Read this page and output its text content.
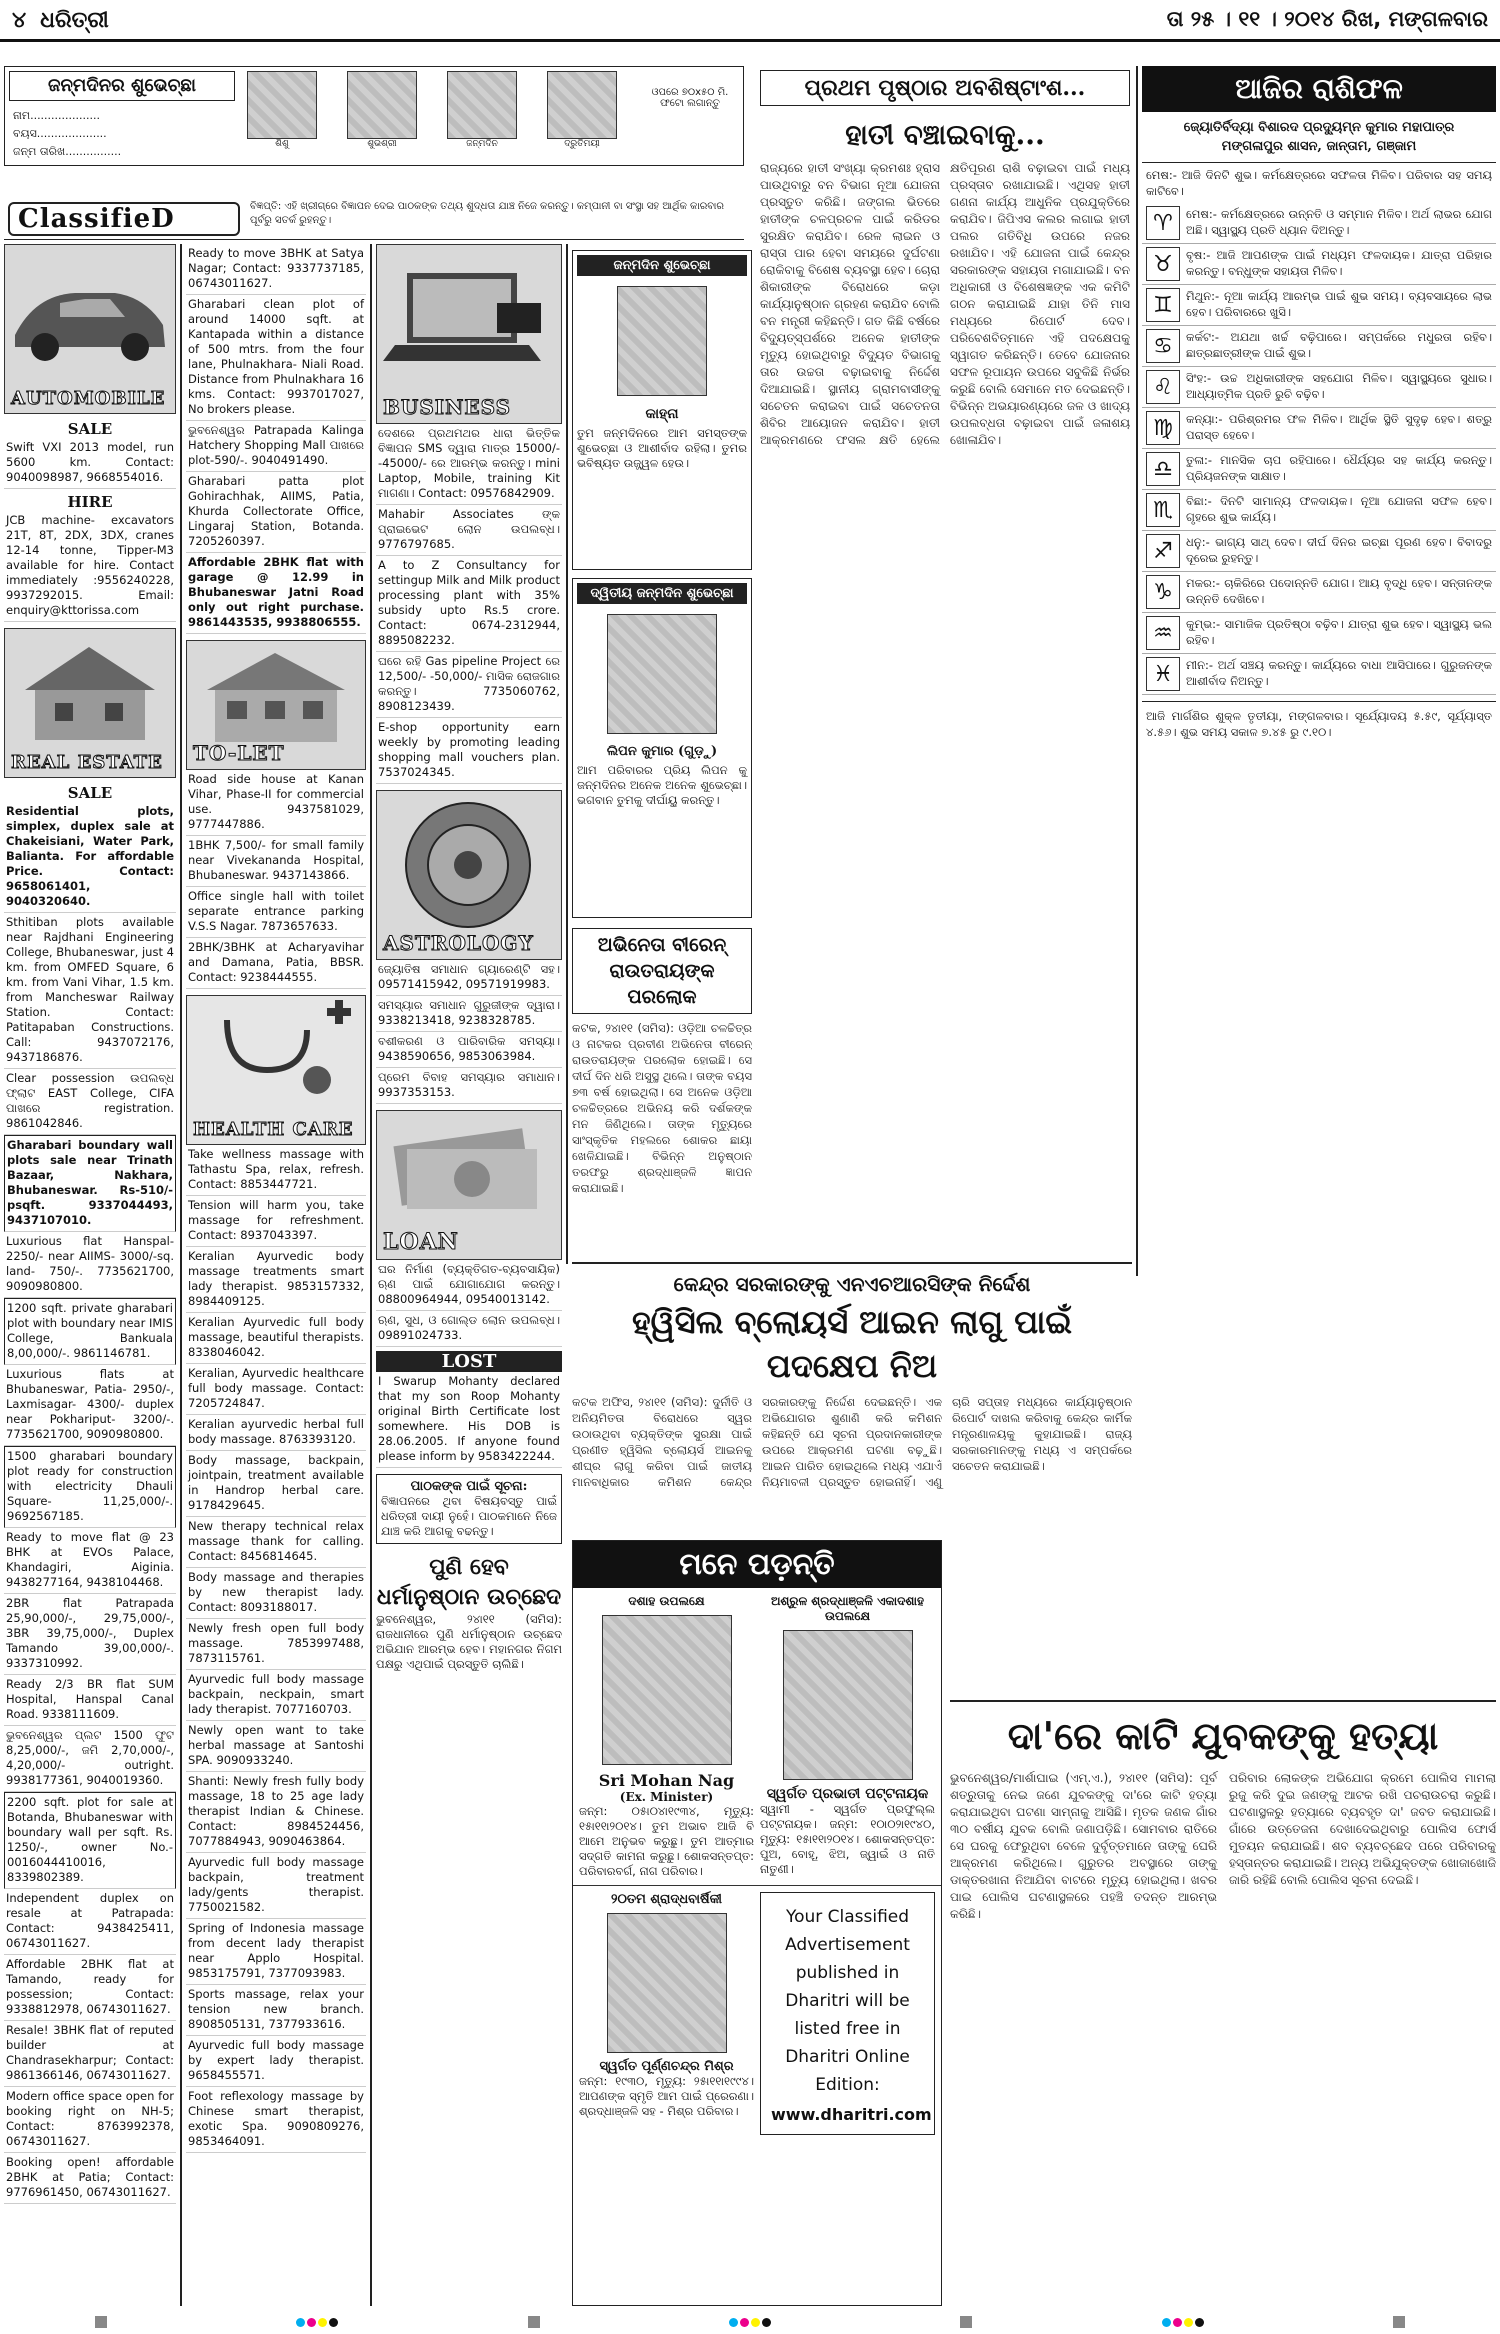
୪ ଧରିତ୍ରୀ	ତା ୨୫ । ୧୧ । ୨୦୧୪ ରିଖ, ମଙ୍ଗଳବାର
ଜନ୍ମଦିନର ଶୁଭେଚ୍ଛା
ନାମ....................
ବୟସ....................
ଜନ୍ମ ତାରିଖ................
ଶିଶୁ	ଶୁଭଶ୍ରୀ	ଜନ୍ମଦିନ	ଦ୍ରୁତିମୟୀ
ଓପରେ ୭୦x୫୦ ମି. ଫଟୋ ଲଗାନ୍ତୁ
ClassifieD	ବିଜ୍ଞପ୍ତି: ଏହି ଖ୍ରୀଗ୍ରେ ବିଜ୍ଞାପନ ଦେଇ ପାଠକଙ୍କ ତଥ୍ୟ ଶୁଦ୍ଧତା ଯାଞ୍ଚ ନିଜେ କରନ୍ତୁ। କମ୍ପାନୀ ବା ସଂସ୍ଥା ସହ ଆର୍ଥିକ କାରବାର ପୂର୍ବରୁ ସତର୍କ ରୁହନ୍ତୁ।
AUTOMOBILE
SALE
Swift VXI 2013 model, run 5600 km. Contact: 9040098987, 9668554016.
HIRE
JCB machine- excavators 21T, 8T, 2DX, 3DX, cranes 12-14 tonne, Tipper-M3 available for hire. Contact immediately :9556240228, 9937292015. Email: enquiry@kttorissa.com
REAL ESTATE
SALE
Residential plots, simplex, duplex sale at Chakeisiani, Water Park, Balianta. For affordable Price. Contact: 9658061401, 9040320640.
Sthitiban plots available near Rajdhani Engineering College, Bhubaneswar, just 4 km. from OMFED Square, 6 km. from Vani Vihar, 1.5 km. from Mancheswar Railway Station. Contact: Patitapaban Constructions. Call: 9437072176, 9437186876.
Clear possession ଉପଲବ୍ଧ ଫ୍ଲାଟ EAST College, CIFA ପାଖରେ registration. 9861042846.
Gharabari boundary wall plots sale near Trinath Bazaar, Nakhara, Bhubaneswar. Rs-510/- psqft. 9337044493, 9437107010.
Luxurious flat Hanspal-2250/- near AIIMS- 3000/-sq. land- 750/-. 7735621700, 9090980800.
1200 sqft. private gharabari plot with boundary near IMIS College, Bankuala 8,00,000/-. 9861146781.
Luxurious flats at Bhubaneswar, Patia- 2950/-, Laxmisagar- 4300/- duplex near Pokhariput- 3200/-. 7735621700, 9090980800.
1500 gharabari boundary plot ready for construction with electricity Dhauli Square- 11,25,000/-. 9692567185.
Ready to move flat @ 23 BHK at EVOs Palace, Khandagiri, Aiginia. 9438277164, 9438104468.
2BR flat Patrapada 25,90,000/-, 29,75,000/-, 3BR 39,75,000/-, Duplex Tamando 39,00,000/-. 9337310992.
Ready 2/3 BR flat SUM Hospital, Hanspal Canal Road. 9338111609.
ଭୁବନେଶ୍ୱର ପ୍ଲଟ 1500 ଫୁଟ 8,25,000/-, ଜମି 2,70,000/-, 4,20,000/- outright. 9938177361, 9040019360.
2200 sqft. plot for sale at Botanda, Bhubaneswar with boundary wall per sqft. Rs. 1250/-, owner No.- 0016044410016, 8339802389.
Independent duplex on resale at Patrapada: Contact: 9438425411, 06743011627.
Affordable 2BHK flat at Tamando, ready for possession; Contact: 9338812978, 06743011627.
Resale! 3BHK flat of reputed builder at Chandrasekharpur; Contact: 9861366146, 06743011627.
Modern office space open for booking right on NH-5; Contact: 8763992378, 06743011627.
Booking open! affordable 2BHK at Patia; Contact: 9776961450, 06743011627.
Ready to move 3BHK at Satya Nagar; Contact: 9337737185, 06743011627.
Gharabari clean plot of around 14000 sqft. at Kantapada within a distance of 500 mtrs. from the four lane, Phulnakhara- Niali Road. Distance from Phulnakhara 16 kms. Contact: 9937017027, No brokers please.
ଭୁବନେଶ୍ୱର Patrapada Kalinga Hatchery Shopping Mall ପାଖରେ plot-590/-. 9040491490.
Gharabari patta plot Gohirachhak, AIIMS, Patia, Khurda Collectorate Office, Lingaraj Station, Botanda. 7205260397.
Affordable 2BHK flat with garage @ 12.99 in Bhubaneswar Jatni Road only out right purchase. 9861443535, 9938806555.
TO-LET
Road side house at Kanan Vihar, Phase-II for commercial use. 9437581029, 9777447886.
1BHK 7,500/- for small family near Vivekananda Hospital, Bhubaneswar. 9437143866.
Office single hall with toilet separate entrance parking V.S.S Nagar. 7873657633.
2BHK/3BHK at Acharyavihar and Damana, Patia, BBSR. Contact: 9238444555.
HEALTH CARE
Take wellness massage with Tathastu Spa, relax, refresh. Contact: 8853447721.
Tension will harm you, take massage for refreshment. Contact: 8937043397.
Keralian Ayurvedic body massage treatments smart lady therapist. 9853157332, 8984409125.
Keralian Ayurvedic full body massage, beautiful therapists. 8338046042.
Keralian, Ayurvedic healthcare full body massage. Contact: 7205724847.
Keralian ayurvedic herbal full body massage. 8763393120.
Body massage, backpain, jointpain, treatment available in Handrop herbal care. 9178429645.
New therapy technical relax massage thank for calling. Contact: 8456814645.
Body massage and therapies by new therapist lady. Contact: 8093188017.
Newly fresh open full body massage. 7853997488, 7873115761.
Ayurvedic full body massage backpain, neckpain, smart lady therapist. 7077160703.
Newly open want to take herbal massage at Santoshi SPA. 9090933240.
Shanti: Newly fresh fully body massage, 18 to 25 age lady therapist Indian & Chinese. Contact: 8984524456, 7077884943, 9090463864.
Ayurvedic full body massage backpain, treatment lady/gents therapist. 7750021582.
Spring of Indonesia massage from decent lady therapist near Applo Hospital. 9853175791, 7377093983.
Sports massage, relax your tension new branch. 8908505131, 7377933616.
Ayurvedic full body massage by expert lady therapist. 9658455571.
Foot reflexology massage by Chinese smart therapist, exotic Spa. 9090809276, 9853464091.
BUSINESS
ଦେଶରେ ପ୍ରଥମଥର ଧାରା ଭିତ୍ତିକ ବିଜ୍ଞାପନ SMS ଦ୍ୱାରା ମାତ୍ର 15000/- -45000/- ରେ ଆରମ୍ଭ କରନ୍ତୁ। mini Laptop, Mobile, training Kit ମାଗଣା। Contact: 09576842909.
Mahabir Associates ଙ୍କ ପ୍ରାଇଭେଟ ଲୋନ ଉପଲବ୍ଧ। 9776797685.
A to Z Consultancy for settingup Milk and Milk product processing plant with 35% subsidy upto Rs.5 crore. Contact: 0674-2312944, 8895082232.
ଘରେ ରହି Gas pipeline Project ରେ 12,500/- -50,000/- ମାସିକ ରୋଜଗାର କରନ୍ତୁ। 7735060762, 8908123439.
E-shop opportunity earn weekly by promoting leading shopping mall vouchers plan. 7537024345.
ASTROLOGY
ଜ୍ୟୋତିଷ ସମାଧାନ ଗ୍ୟାରେଣ୍ଟି ସହ। 09571415942, 09571919983.
ସମସ୍ୟାର ସମାଧାନ ଗୁରୁଜୀଙ୍କ ଦ୍ୱାରା। 9338213418, 9238328785.
ବଶୀକରଣ ଓ ପାରିବାରିକ ସମସ୍ୟା। 9438590656, 9853063984.
ପ୍ରେମ ବିବାହ ସମସ୍ୟାର ସମାଧାନ। 9937353153.
LOAN
ଘର ନିର୍ମାଣ (ବ୍ୟକ୍ତିଗତ-ବ୍ୟବସାୟିକ) ଋଣ ପାଇଁ ଯୋଗାଯୋଗ କରନ୍ତୁ। 08800964944, 09540013142.
ଋଣ, ସୁଧ, ଓ ଗୋଲ୍ଡ ଲୋନ ଉପଲବ୍ଧ। 09891024733.
LOST
I Swarup Mohanty declared that my son Roop Mohanty original Birth Certificate lost somewhere. His DOB is 28.06.2005. If anyone found please inform by 9583422244.
ପାଠକଙ୍କ ପାଇଁ ସୂଚନା:
ବିଜ୍ଞାପନରେ ଥିବା ବିଷୟବସ୍ତୁ ପାଇଁ ଧରିତ୍ରୀ ଦାୟୀ ନୁହେଁ। ପାଠକମାନେ ନିଜେ ଯାଞ୍ଚ କରି ଆଗକୁ ବଢନ୍ତୁ।
ପୁଣି ହେବ ଧର୍ମାନୁଷ୍ଠାନ ଉଚ୍ଛେଦ
ଭୁବନେଶ୍ୱର, ୨୪ା୧୧ (ସମିସ): ରାଜଧାନୀରେ ପୁଣି ଧର୍ମାନୁଷ୍ଠାନ ଉଚ୍ଛେଦ ଅଭିଯାନ ଆରମ୍ଭ ହେବ। ମହାନଗର ନିଗମ ପକ୍ଷରୁ ଏଥିପାଇଁ ପ୍ରସ୍ତୁତି ଚାଲିଛି।
ଜନ୍ମଦିନ ଶୁଭେଚ୍ଛା
କାହ୍ନା
ତୁମ ଜନ୍ମଦିନରେ ଆମ ସମସ୍ତଙ୍କ ଶୁଭେଚ୍ଛା ଓ ଆଶୀର୍ବାଦ ରହିଲା। ତୁମର ଭବିଷ୍ୟତ ଉଜ୍ଜ୍ୱଳ ହେଉ।
ଦ୍ୱିତୀୟ ଜନ୍ମଦିନ ଶୁଭେଚ୍ଛା
ଲିପନ କୁମାର (ଗୁଡ଼ୁ)
ଆମ ପରିବାରର ପ୍ରିୟ ଲିପନ କୁ ଜନ୍ମଦିନର ଅନେକ ଅନେକ ଶୁଭେଚ୍ଛା। ଭଗବାନ ତୁମକୁ ଦୀର୍ଘାୟୁ କରନ୍ତୁ।
ଅଭିନେତା ବୀରେନ୍ ରାଉତରାୟଙ୍କ ପରଲୋକ
କଟକ, ୨୪ା୧୧ (ସମିସ): ଓଡ଼ିଆ ଚଳଚ୍ଚିତ୍ର ଓ ନାଟକର ପ୍ରବୀଣ ଅଭିନେତା ବୀରେନ୍ ରାଉତରାୟଙ୍କ ପରଲୋକ ହୋଇଛି। ସେ ଦୀର୍ଘ ଦିନ ଧରି ଅସୁସ୍ଥ ଥିଲେ। ତାଙ୍କ ବୟସ ୭୩ ବର୍ଷ ହୋଇଥିଲା। ସେ ଅନେକ ଓଡ଼ିଆ ଚଳଚ୍ଚିତ୍ରରେ ଅଭିନୟ କରି ଦର୍ଶକଙ୍କ ମନ ଜିଣିଥିଲେ। ତାଙ୍କ ମୃତ୍ୟୁରେ ସାଂସ୍କୃତିକ ମହଲରେ ଶୋକର ଛାୟା ଖେଳିଯାଇଛି। ବିଭିନ୍ନ ଅନୁଷ୍ଠାନ ତରଫରୁ ଶ୍ରଦ୍ଧାଞ୍ଜଳି ଜ୍ଞାପନ କରାଯାଇଛି।
ପ୍ରଥମ ପୃଷ୍ଠାର ଅବଶିଷ୍ଟାଂଶ...
ହାତୀ ବଞ୍ଚାଇବାକୁ...
ରାଜ୍ୟରେ ହାତୀ ସଂଖ୍ୟା କ୍ରମଶଃ ହ୍ରାସ ପାଉଥିବାରୁ ବନ ବିଭାଗ ନୂଆ ଯୋଜନା ପ୍ରସ୍ତୁତ କରିଛି। ଜଙ୍ଗଲ ଭିତରେ ହାତୀଙ୍କ ଚଳପ୍ରଚଳ ପାଇଁ କରିଡର ସୁରକ୍ଷିତ କରାଯିବ। ରେଳ ଲାଇନ ଓ ରାସ୍ତା ପାର ହେବା ସମୟରେ ଦୁର୍ଘଟଣା ରୋକିବାକୁ ବିଶେଷ ବ୍ୟବସ୍ଥା ହେବ। ଚୋରା ଶିକାରୀଙ୍କ ବିରୋଧରେ କଡ଼ା କାର୍ଯ୍ୟାନୁଷ୍ଠାନ ଗ୍ରହଣ କରାଯିବ ବୋଲି ବନ ମନ୍ତ୍ରୀ କହିଛନ୍ତି। ଗତ କିଛି ବର୍ଷରେ ବିଦ୍ୟୁତ୍‌ସ୍ପର୍ଶରେ ଅନେକ ହାତୀଙ୍କ ମୃତ୍ୟୁ ହୋଇଥିବାରୁ ବିଦ୍ୟୁତ ବିଭାଗକୁ ତାର ଉଚ୍ଚତା ବଢ଼ାଇବାକୁ ନିର୍ଦ୍ଦେଶ ଦିଆଯାଇଛି। ସ୍ଥାନୀୟ ଗ୍ରାମବାସୀଙ୍କୁ ସଚେତନ କରାଇବା ପାଇଁ ସଚେତନତା ଶିବିର ଆୟୋଜନ କରାଯିବ। ହାତୀ ଆକ୍ରମଣରେ ଫସଲ କ୍ଷତି ହେଲେ କ୍ଷତିପୂରଣ ରାଶି ବଢ଼ାଇବା ପାଇଁ ମଧ୍ୟ ପ୍ରସ୍ତାବ ରଖାଯାଇଛି। ଏଥିସହ ହାତୀ ଗଣନା କାର୍ଯ୍ୟ ଆଧୁନିକ ପ୍ରଯୁକ୍ତିରେ କରାଯିବ। ଜିପିଏସ କଲର ଲଗାଇ ହାତୀ ପଲର ଗତିବିଧି ଉପରେ ନଜର ରଖାଯିବ। ଏହି ଯୋଜନା ପାଇଁ କେନ୍ଦ୍ର ସରକାରଙ୍କ ସହାୟତା ମଗାଯାଇଛି। ବନ ଅଧିକାରୀ ଓ ବିଶେଷଜ୍ଞଙ୍କ ଏକ କମିଟି ଗଠନ କରାଯାଇଛି ଯାହା ତିନି ମାସ ମଧ୍ୟରେ ରିପୋର୍ଟ ଦେବ। ପରିବେଶବିତ୍‌ମାନେ ଏହି ପଦକ୍ଷେପକୁ ସ୍ୱାଗତ କରିଛନ୍ତି। ତେବେ ଯୋଜନାର ସଫଳ ରୂପାୟନ ଉପରେ ସବୁକିଛି ନିର୍ଭର କରୁଛି ବୋଲି ସେମାନେ ମତ ଦେଇଛନ୍ତି। ବିଭିନ୍ନ ଅଭୟାରଣ୍ୟରେ ଜଳ ଓ ଖାଦ୍ୟ ଉପଲବ୍ଧତା ବଢ଼ାଇବା ପାଇଁ ଜଳାଶୟ ଖୋଳାଯିବ।
ଆଜିର ରାଶିଫଳ
ଜ୍ୟୋତିର୍ବିଦ୍ୟା ବିଶାରଦ ପ୍ରଦ୍ୟୁମ୍ନ କୁମାର ମହାପାତ୍ର ମଙ୍ଗଳାପୁର ଶାସନ, ଜାନ୍ତାମ, ଗଞ୍ଜାମ
ମେଷ:- ଆଜି ଦିନଟି ଶୁଭ। କର୍ମକ୍ଷେତ୍ରରେ ସଫଳତା ମିଳିବ। ପରିବାର ସହ ସମୟ କାଟିବେ।
♈	ମେଷ:- କର୍ମକ୍ଷେତ୍ରରେ ଉନ୍ନତି ଓ ସମ୍ମାନ ମିଳିବ। ଅର୍ଥ ଲାଭର ଯୋଗ ଅଛି। ସ୍ୱାସ୍ଥ୍ୟ ପ୍ରତି ଧ୍ୟାନ ଦିଅନ୍ତୁ।
♉	ବୃଷ:- ଆଜି ଆପଣଙ୍କ ପାଇଁ ମଧ୍ୟମ ଫଳଦାୟକ। ଯାତ୍ରା ପରିହାର କରନ୍ତୁ। ବନ୍ଧୁଙ୍କ ସହାୟତା ମିଳିବ।
♊	ମିଥୁନ:- ନୂଆ କାର୍ଯ୍ୟ ଆରମ୍ଭ ପାଇଁ ଶୁଭ ସମୟ। ବ୍ୟବସାୟରେ ଲାଭ ହେବ। ପରିବାରରେ ଖୁସି।
♋	କର୍କଟ:- ଅଯଥା ଖର୍ଚ୍ଚ ବଢ଼ିପାରେ। ସମ୍ପର୍କରେ ମଧୁରତା ରହିବ। ଛାତ୍ରଛାତ୍ରୀଙ୍କ ପାଇଁ ଶୁଭ।
♌	ସିଂହ:- ଉଚ୍ଚ ଅଧିକାରୀଙ୍କ ସହଯୋଗ ମିଳିବ। ସ୍ୱାସ୍ଥ୍ୟରେ ସୁଧାର। ଆଧ୍ୟାତ୍ମିକ ପ୍ରତି ରୁଚି ବଢ଼ିବ।
♍	କନ୍ୟା:- ପରିଶ୍ରମର ଫଳ ମିଳିବ। ଆର୍ଥିକ ସ୍ଥିତି ସୁଦୃଢ଼ ହେବ। ଶତ୍ରୁ ପରାସ୍ତ ହେବେ।
♎	ତୁଳା:- ମାନସିକ ଚାପ ରହିପାରେ। ଧୈର୍ଯ୍ୟର ସହ କାର୍ଯ୍ୟ କରନ୍ତୁ। ପ୍ରିୟଜନଙ୍କ ସାକ୍ଷାତ।
♏	ବିଛା:- ଦିନଟି ସାମାନ୍ୟ ଫଳଦାୟକ। ନୂଆ ଯୋଜନା ସଫଳ ହେବ। ଗୃହରେ ଶୁଭ କାର୍ଯ୍ୟ।
♐	ଧନୁ:- ଭାଗ୍ୟ ସାଥ୍ ଦେବ। ଦୀର୍ଘ ଦିନର ଇଚ୍ଛା ପୂରଣ ହେବ। ବିବାଦରୁ ଦୂରେଇ ରୁହନ୍ତୁ।
♑	ମକର:- ଚାକିରିରେ ପଦୋନ୍ନତି ଯୋଗ। ଆୟ ବୃଦ୍ଧି ହେବ। ସନ୍ତାନଙ୍କ ଉନ୍ନତି ଦେଖିବେ।
♒	କୁମ୍ଭ:- ସାମାଜିକ ପ୍ରତିଷ୍ଠା ବଢ଼ିବ। ଯାତ୍ରା ଶୁଭ ହେବ। ସ୍ୱାସ୍ଥ୍ୟ ଭଲ ରହିବ।
♓	ମୀନ:- ଅର୍ଥ ସଞ୍ଚୟ କରନ୍ତୁ। କାର୍ଯ୍ୟରେ ବାଧା ଆସିପାରେ। ଗୁରୁଜନଙ୍କ ଆଶୀର୍ବାଦ ନିଅନ୍ତୁ।
ଆଜି ମାର୍ଗଶିର ଶୁକ୍ଳ ତୃତୀୟା, ମଙ୍ଗଳବାର। ସୂର୍ଯ୍ୟୋଦୟ ୫.୫୯, ସୂର୍ଯ୍ୟାସ୍ତ ୪.୫୬। ଶୁଭ ସମୟ ସକାଳ ୭.୪୫ ରୁ ୯.୧୦।
କେନ୍ଦ୍ର ସରକାରଙ୍କୁ ଏନଏଚଆରସିଙ୍କ ନିର୍ଦ୍ଦେଶ
ହ୍ୱିସିଲ ବ୍ଲୋୟର୍ସ ଆଇନ ଲାଗୁ ପାଇଁ ପଦକ୍ଷେପ ନିଅ
କଟକ ଅଫିସ, ୨୪ା୧୧ (ସମିସ): ଦୁର୍ନୀତି ଓ ଅନିୟମିତତା ବିରୋଧରେ ସ୍ୱର ଉଠାଉଥିବା ବ୍ୟକ୍ତିଙ୍କ ସୁରକ୍ଷା ପାଇଁ ପ୍ରଣୀତ ହ୍ୱିସିଲ ବ୍ଲୋୟର୍ସ ଆଇନକୁ ଶୀଘ୍ର ଲାଗୁ କରିବା ପାଇଁ ଜାତୀୟ ମାନବାଧିକାର କମିଶନ କେନ୍ଦ୍ର ସରକାରଙ୍କୁ ନିର୍ଦ୍ଦେଶ ଦେଇଛନ୍ତି। ଏକ ଅଭିଯୋଗର ଶୁଣାଣି କରି କମିଶନ କହିଛନ୍ତି ଯେ ସୂଚନା ପ୍ରଦାନକାରୀଙ୍କ ଉପରେ ଆକ୍ରମଣ ଘଟଣା ବଢ଼ୁଛି। ଆଇନ ପାରିତ ହୋଇଥିଲେ ମଧ୍ୟ ଏଯାଏଁ ନିୟମାବଳୀ ପ୍ରସ୍ତୁତ ହୋଇନାହିଁ। ଏଣୁ ଚାରି ସପ୍ତାହ ମଧ୍ୟରେ କାର୍ଯ୍ୟାନୁଷ୍ଠାନ ରିପୋର୍ଟ ଦାଖଲ କରିବାକୁ କେନ୍ଦ୍ର କାର୍ମିକ ମନ୍ତ୍ରଣାଳୟକୁ କୁହାଯାଇଛି। ରାଜ୍ୟ ସରକାରମାନଙ୍କୁ ମଧ୍ୟ ଏ ସମ୍ପର୍କରେ ସଚେତନ କରାଯାଇଛି।
ମନେ ପଡ଼ନ୍ତି
ଦଶାହ ଉପଲକ୍ଷେ
Sri Mohan Nag
(Ex. Minister)
ଜନ୍ମ: ୦୫ା୦୪ା୧୯୩୪, ମୃତ୍ୟୁ: ୧୫ା୧୧ା୨୦୧୪। ତୁମ ଅଭାବ ଆଜି ବି ଆମେ ଅନୁଭବ କରୁଛୁ। ତୁମ ଆତ୍ମାର ସଦ୍‌ଗତି କାମନା କରୁଛୁ। ଶୋକସନ୍ତପ୍ତ: ପରିବାରବର୍ଗ, ନାଗ ପରିବାର।
ଅଶ୍ରୁଳ ଶ୍ରଦ୍ଧାଞ୍ଜଳି ଏକାଦଶାହ ଉପଲକ୍ଷେ
ସ୍ୱର୍ଗତ ପ୍ରଭାତୀ ପଟ୍ଟନାୟକ
ସ୍ୱାମୀ - ସ୍ୱର୍ଗତ ପ୍ରଫୁଲ୍ଲ ପଟ୍ଟନାୟକ। ଜନ୍ମ: ୧୦ା୦୨ା୧୯୪୦, ମୃତ୍ୟୁ: ୧୫ା୧୧ା୨୦୧୪। ଶୋକସନ୍ତପ୍ତ: ପୁଅ, ବୋହୂ, ଝିଅ, ଜ୍ୱାଇଁ ଓ ନାତି ନାତୁଣୀ।
୨୦ତମ ଶ୍ରାଦ୍ଧବାର୍ଷିକୀ
ସ୍ୱର୍ଗତ ପୂର୍ଣ୍ଣଚନ୍ଦ୍ର ମିଶ୍ର
ଜନ୍ମ: ୧୯୩୦, ମୃତ୍ୟୁ: ୨୫ା୧୧ା୧୯୯୪। ଆପଣଙ୍କ ସ୍ମୃତି ଆମ ପାଇଁ ପ୍ରେରଣା। ଶ୍ରଦ୍ଧାଞ୍ଜଳି ସହ - ମିଶ୍ର ପରିବାର।
Your Classified Advertisement published in Dharitri will be listed free in Dharitri Online Edition:
www.dharitri.com
ଦା'ରେ କାଟି ଯୁବକଙ୍କୁ ହତ୍ୟା
ଭୁବନେଶ୍ୱର/ମାର୍ଶାଘାଇ (ଏମ୍.ଏ.), ୨୪ା୧୧ (ସମିସ): ପୂର୍ବ ଶତ୍ରୁତାକୁ ନେଇ ଜଣେ ଯୁବକଙ୍କୁ ଦା'ରେ କାଟି ହତ୍ୟା କରାଯାଇଥିବା ଘଟଣା ସାମ୍ନାକୁ ଆସିଛି। ମୃତକ ଜଣକ ଗାଁର ୩୦ ବର୍ଷୀୟ ଯୁବକ ବୋଲି ଜଣାପଡ଼ିଛି। ସୋମବାର ରାତିରେ ସେ ଘରକୁ ଫେରୁଥିବା ବେଳେ ଦୁର୍ବୃତ୍ତମାନେ ତାଙ୍କୁ ଘେରି ଆକ୍ରମଣ କରିଥିଲେ। ଗୁରୁତର ଅବସ୍ଥାରେ ତାଙ୍କୁ ଡାକ୍ତରଖାନା ନିଆଯିବା ବାଟରେ ମୃତ୍ୟୁ ହୋଇଥିଲା। ଖବର ପାଇ ପୋଲିସ ଘଟଣାସ୍ଥଳରେ ପହଞ୍ଚି ତଦନ୍ତ ଆରମ୍ଭ କରିଛି।
ପରିବାର ଲୋକଙ୍କ ଅଭିଯୋଗ କ୍ରମେ ପୋଲିସ ମାମଲା ରୁଜୁ କରି ଦୁଇ ଜଣଙ୍କୁ ଆଟକ ରଖି ପଚରାଉଚରା କରୁଛି। ଘଟଣାସ୍ଥଳରୁ ହତ୍ୟାରେ ବ୍ୟବହୃତ ଦା' ଜବତ କରାଯାଇଛି। ଗାଁରେ ଉତ୍ତେଜନା ଦେଖାଦେଇଥିବାରୁ ପୋଲିସ ଫୋର୍ସ ମୁତୟନ କରାଯାଇଛି। ଶବ ବ୍ୟବଚ୍ଛେଦ ପରେ ପରିବାରକୁ ହସ୍ତାନ୍ତର କରାଯାଇଛି। ଅନ୍ୟ ଅଭିଯୁକ୍ତଙ୍କ ଖୋଜାଖୋଜି ଜାରି ରହିଛି ବୋଲି ପୋଲିସ ସୂଚନା ଦେଇଛି।
